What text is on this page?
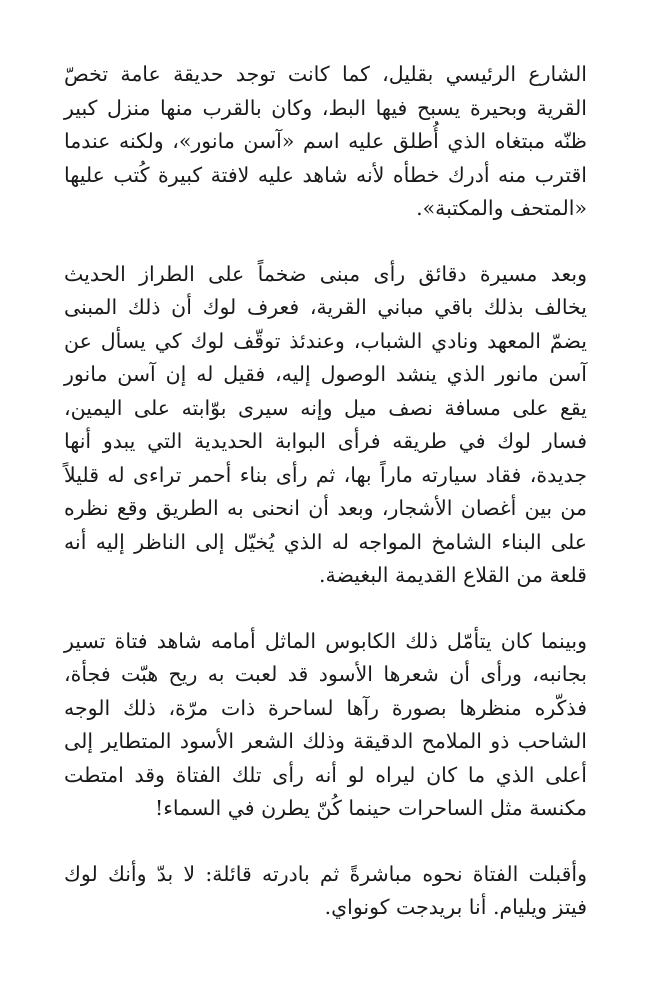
الشارع الرئيسي بقليل، كما كانت توجد حديقة عامة تخصّ القرية وبحيرة يسبح فيها البط، وكان بالقرب منها منزل كبير ظنّه مبتغاه الذي أُطلق عليه اسم «آسن مانور»، ولكنه عندما اقترب منه أدرك خطأه لأنه شاهد عليه لافتة كبيرة كُتب عليها «المتحف والمكتبة».

وبعد مسيرة دقائق رأى مبنى ضخماً على الطراز الحديث يخالف بذلك باقي مباني القرية، فعرف لوك أن ذلك المبنى يضمّ المعهد ونادي الشباب، وعندئذ توقّف لوك كي يسأل عن آسن مانور الذي ينشد الوصول إليه، فقيل له إن آسن مانور يقع على مسافة نصف ميل وإنه سيرى بوّابته على اليمين، فسار لوك في طريقه فرأى البوابة الحديدية التي يبدو أنها جديدة، فقاد سيارته ماراً بها، ثم رأى بناء أحمر تراءى له قليلاً من بين أغصان الأشجار، وبعد أن انحنى به الطريق وقع نظره على البناء الشامخ المواجه له الذي يُخيّل إلى الناظر إليه أنه قلعة من القلاع القديمة البغيضة.

وبينما كان يتأمّل ذلك الكابوس الماثل أمامه شاهد فتاة تسير بجانبه، ورأى أن شعرها الأسود قد لعبت به ريح هبّت فجأة، فذكّره منظرها بصورة رآها لساحرة ذات مرّة، ذلك الوجه الشاحب ذو الملامح الدقيقة وذلك الشعر الأسود المتطاير إلى أعلى الذي ما كان ليراه لو أنه رأى تلك الفتاة وقد امتطت مكنسة مثل الساحرات حينما كُنّ يطرن في السماء!

وأقبلت الفتاة نحوه مباشرةً ثم بادرته قائلة: لا بدّ وأنك لوك فيتز ويليام. أنا بريدجت كونواي.
